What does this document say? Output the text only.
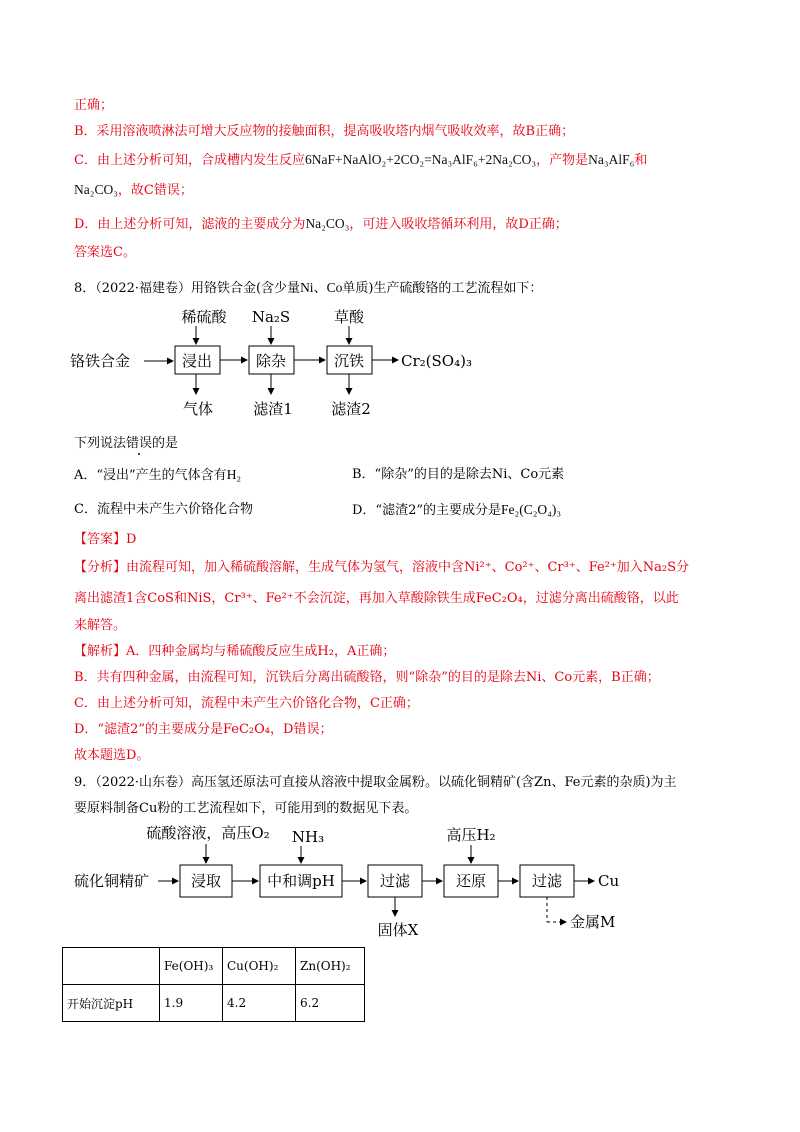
正确；
B．采用溶液喷淋法可增大反应物的接触面积，提高吸收塔内烟气吸收效率，故B正确；
C．由上述分析可知，合成槽内发生反应6NaF+NaAlO₂+2CO₂=Na₃AlF₆+2Na₂CO₃，产物是Na₃AlF₆和
Na₂CO₃，故C错误；
D．由上述分析可知，滤液的主要成分为Na₂CO₃，可进入吸收塔循环利用，故D正确；
答案选C。
8．（2022·福建卷）用铬铁合金(含少量Ni、Co单质)生产硫酸铬的工艺流程如下：
铬铁合金	浸出	除杂	沉铁 Cr₂(SO₄)₃
稀硫酸 Na₂S	草酸
气体	滤渣1	滤渣2
下列说法错误的是
A．“浸出”产生的气体含有H₂	B．“除杂”的目的是除去Ni、Co元素
C．流程中未产生六价铬化合物	D．“滤渣2”的主要成分是Fe₂(C₂O₄)₃
【答案】D
【分析】由流程可知，加入稀硫酸溶解，生成气体为氢气，溶液中含Ni²⁺、Co²⁺、Cr³⁺、Fe²⁺加入Na₂S分
离出滤渣1含CoS和NiS，Cr³⁺、Fe²⁺不会沉淀，再加入草酸除铁生成FeC₂O₄，过滤分离出硫酸铬，以此
来解答。
【解析】A．四种金属均与稀硫酸反应生成H₂，A正确；
B．共有四种金属，由流程可知，沉铁后分离出硫酸铬，则“除杂”的目的是除去Ni、Co元素，B正确；
C．由上述分析可知，流程中未产生六价铬化合物，C正确；
D．“滤渣2”的主要成分是FeC₂O₄，D错误；
故本题选D。
9．（2022·山东卷）高压氢还原法可直接从溶液中提取金属粉。以硫化铜精矿(含Zn、Fe元素的杂质)为主
要原料制备Cu粉的工艺流程如下，可能用到的数据见下表。
硫化铜精矿	浸取	中和调pH	过滤	还原	过滤 Cu
硫酸溶液，高压O₂ NH₃	高压H₂
固体X	金属M
	Fe(OH)₃	Cu(OH)₂	Zn(OH)₂
开始沉淀pH	1.9	4.2	6.2
